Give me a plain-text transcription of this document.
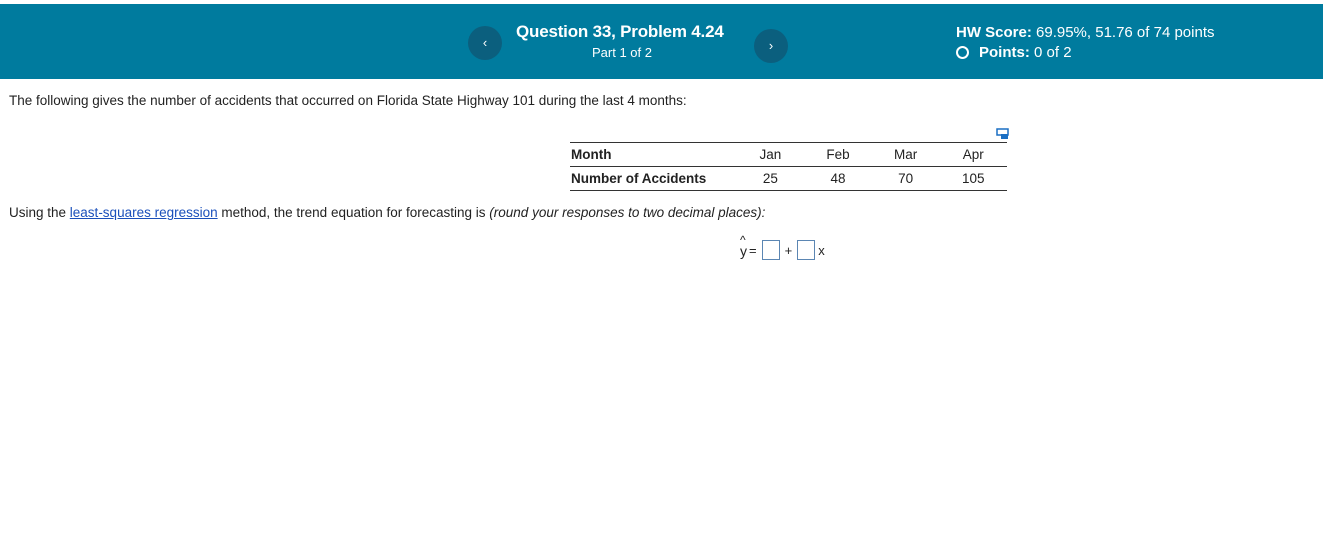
‹
Question 33, Problem 4.24
Part 1 of 2	›
HW Score: 69.95%, 51.76 of 74 points
Points:
0 of 2
The following gives the number of accidents that occurred on Florida State Highway 101 during the last 4 months:
Month	Jan	Feb	Mar	Apr
Number of Accidents	25	48	70	105
Using the least-squares regression method, the trend equation for forecasting is (round your responses to two decimal places):
^
y = + x
